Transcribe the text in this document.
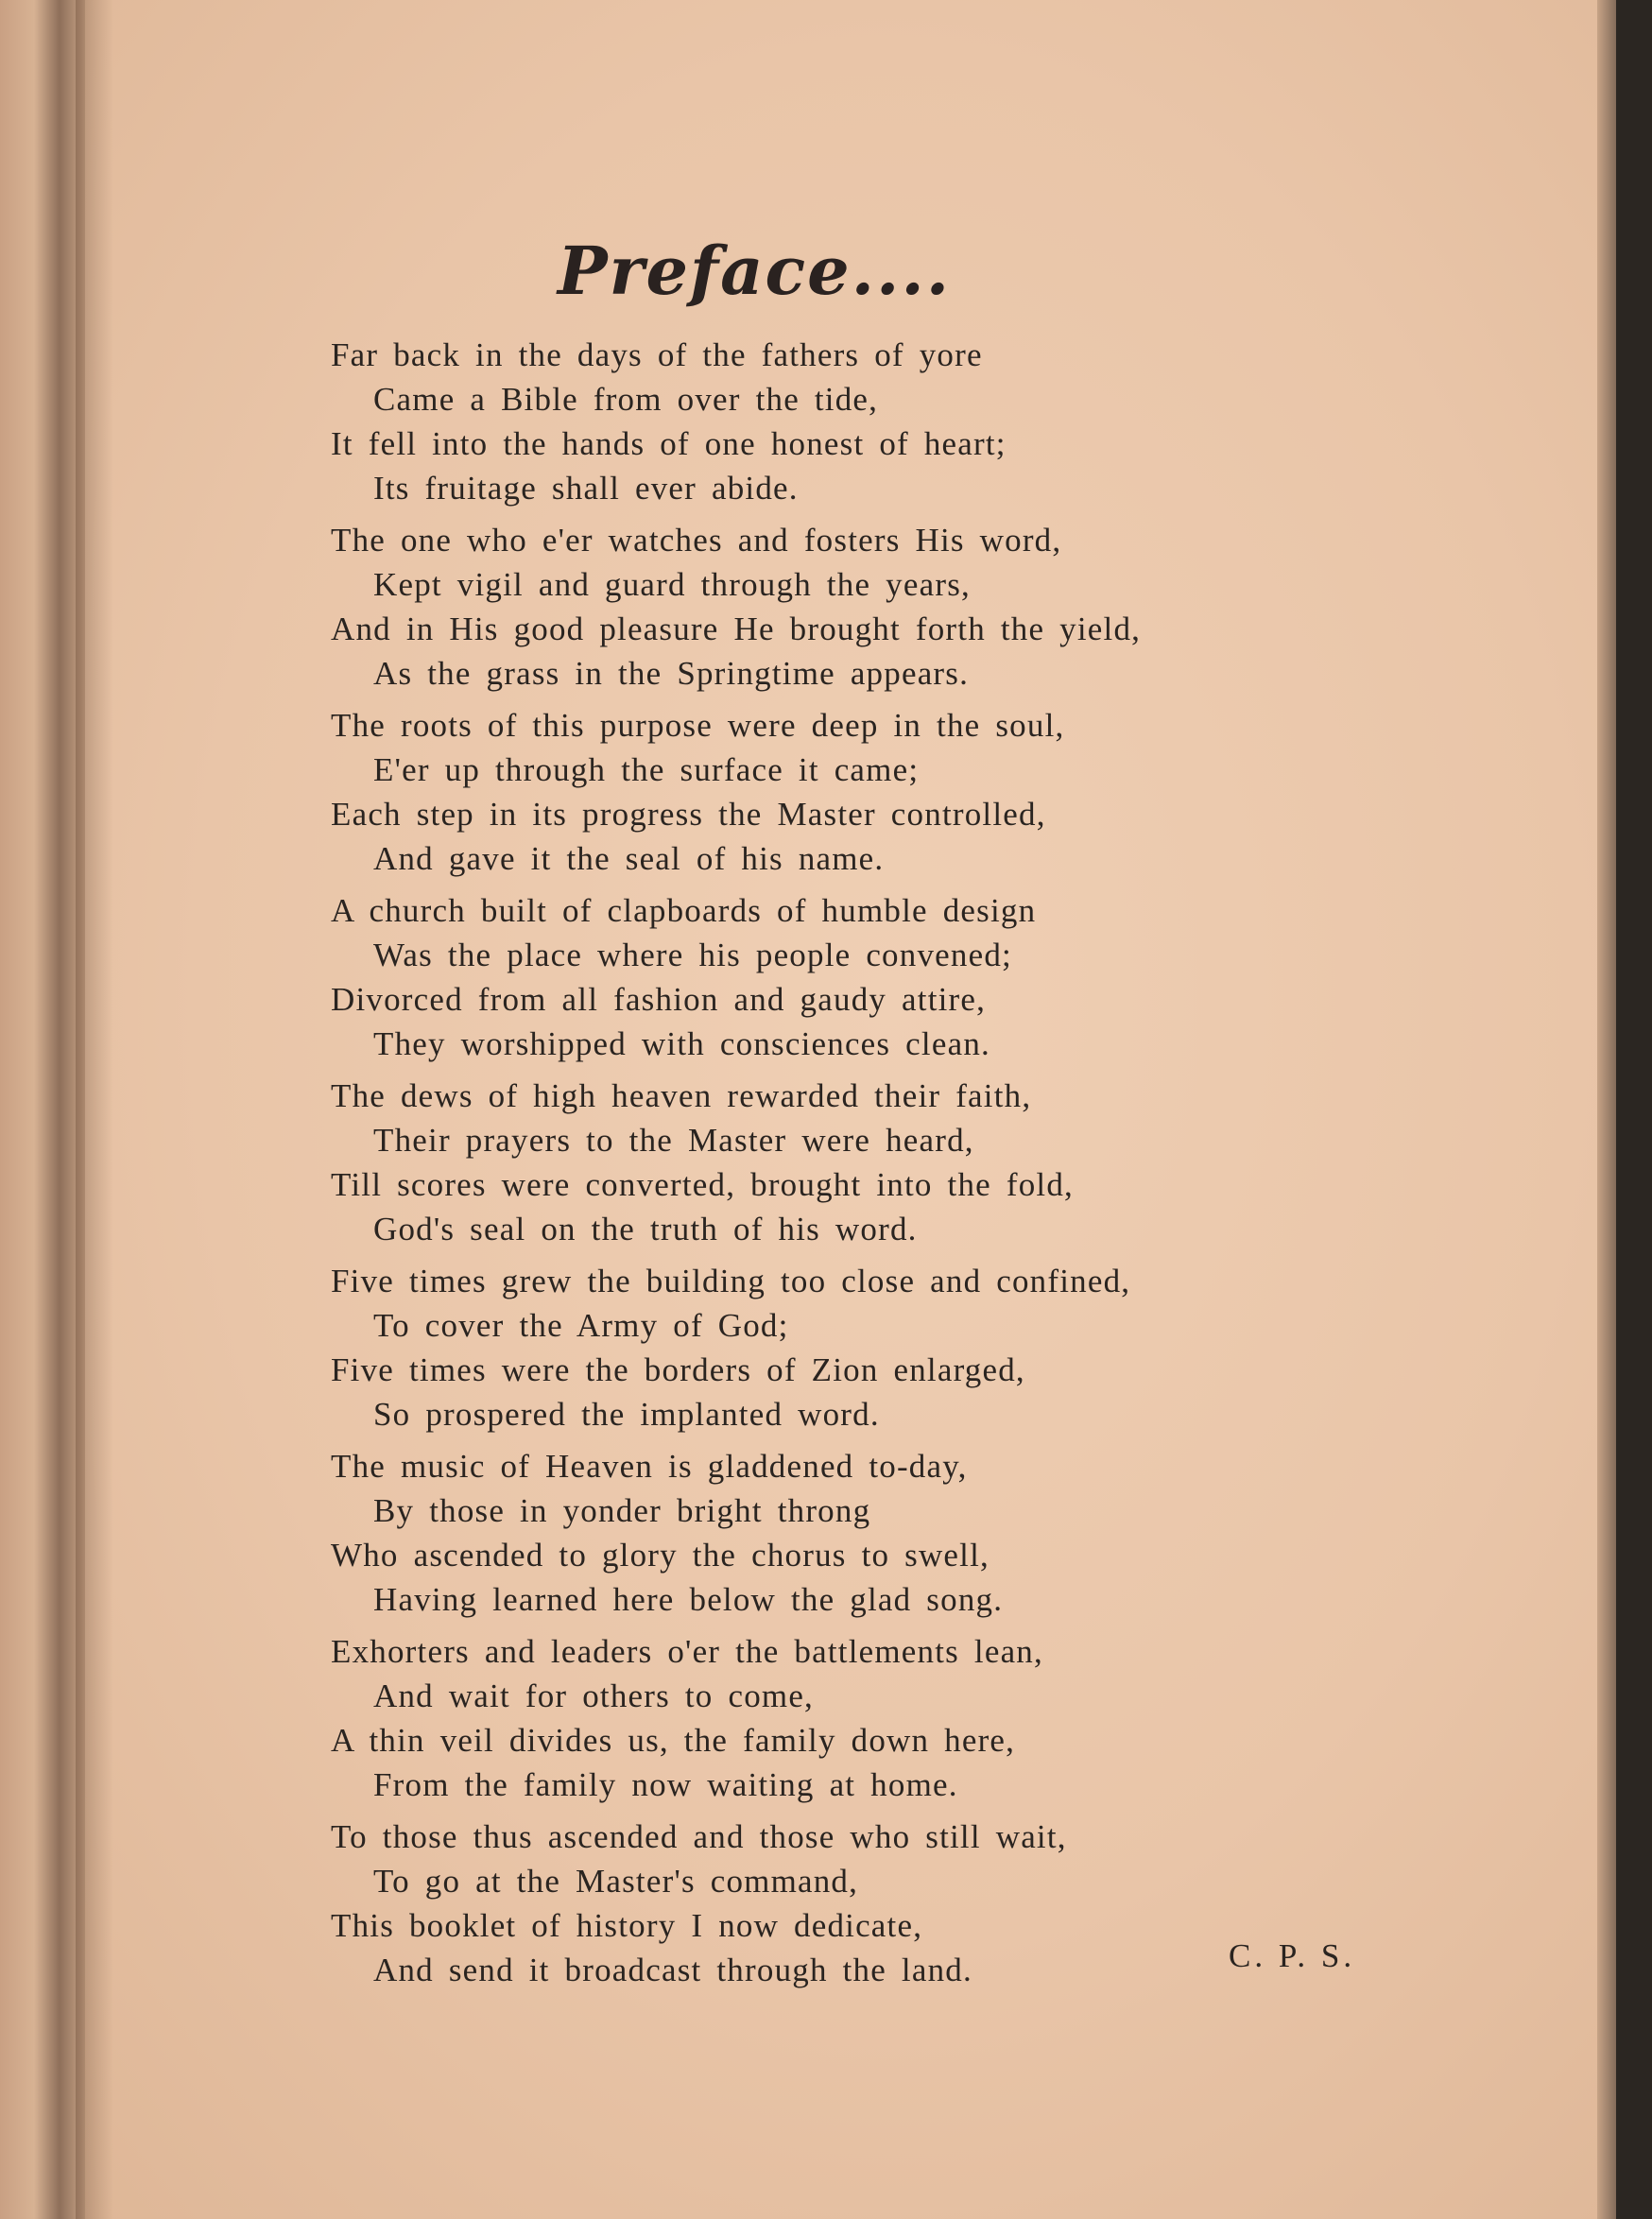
Preface....
Far back in the days of the fathers of yore
Came a Bible from over the tide,
It fell into the hands of one honest of heart;
Its fruitage shall ever abide.
The one who e'er watches and fosters His word,
Kept vigil and guard through the years,
And in His good pleasure He brought forth the yield,
As the grass in the Springtime appears.
The roots of this purpose were deep in the soul,
E'er up through the surface it came;
Each step in its progress the Master controlled,
And gave it the seal of his name.
A church built of clapboards of humble design
Was the place where his people convened;
Divorced from all fashion and gaudy attire,
They worshipped with consciences clean.
The dews of high heaven rewarded their faith,
Their prayers to the Master were heard,
Till scores were converted, brought into the fold,
God's seal on the truth of his word.
Five times grew the building too close and confined,
To cover the Army of God;
Five times were the borders of Zion enlarged,
So prospered the implanted word.
The music of Heaven is gladdened to-day,
By those in yonder bright throng
Who ascended to glory the chorus to swell,
Having learned here below the glad song.
Exhorters and leaders o'er the battlements lean,
And wait for others to come,
A thin veil divides us, the family down here,
From the family now waiting at home.
To those thus ascended and those who still wait,
To go at the Master's command,
This booklet of history I now dedicate,
And send it broadcast through the land.	C. P. S.
